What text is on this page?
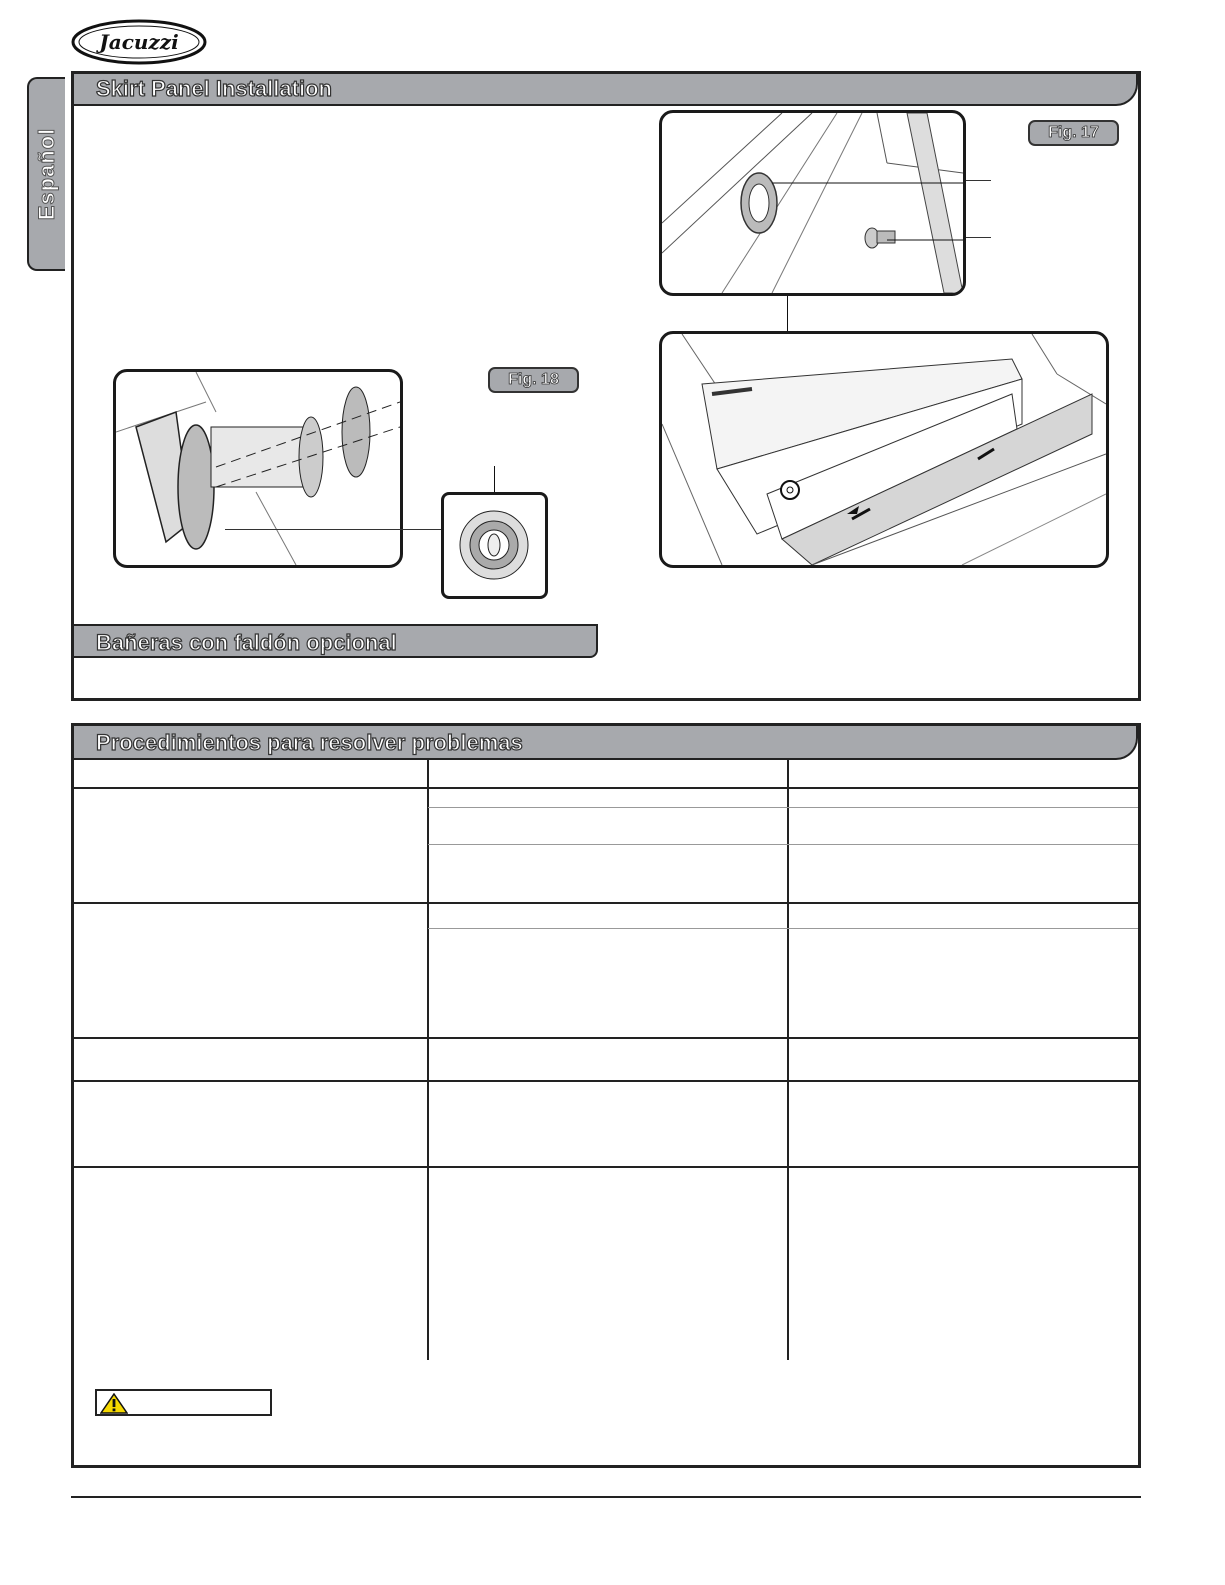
Jacuzzi
Español
Skirt Panel Installation
Fig. 17
Fig. 18
Bañeras con faldón opcional
Procedimientos para resolver problemas
